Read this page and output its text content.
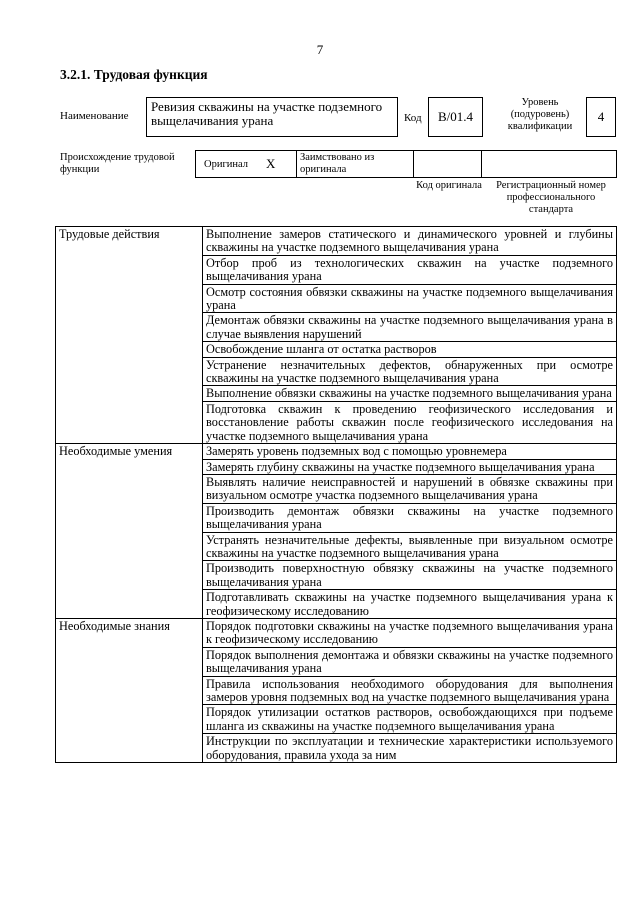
7
3.2.1. Трудовая функция
Наименование
Ревизия скважины на участке подземного выщелачивания урана	Код	B/01.4
Уровень (подуровень) квалификации
4
Происхождение трудовой функции	Оригинал X Заимствовано из оригинала
Код оригинала	Регистрационный номер профессионального стандарта
Трудовые действия	Выполнение замеров статического и динамического уровней и глубины скважины на участке подземного выщелачивания урана
	Отбор проб из технологических скважин на участке подземного выщелачивания урана
	Осмотр состояния обвязки скважины на участке подземного выщелачивания урана
	Демонтаж обвязки скважины на участке подземного выщелачивания урана в случае выявления нарушений
	Освобождение шланга от остатка растворов
	Устранение незначительных дефектов, обнаруженных при осмотре скважины на участке подземного выщелачивания урана
	Выполнение обвязки скважины на участке подземного выщелачивания урана
	Подготовка скважин к проведению геофизического исследования и восстановление работы скважин после геофизического исследования на участке подземного выщелачивания урана
Необходимые умения	Замерять уровень подземных вод с помощью уровнемера
	Замерять глубину скважины на участке подземного выщелачивания урана
	Выявлять наличие неисправностей и нарушений в обвязке скважины при визуальном осмотре участка подземного выщелачивания урана
	Производить демонтаж обвязки скважины на участке подземного выщелачивания урана
	Устранять незначительные дефекты, выявленные при визуальном осмотре скважины на участке подземного выщелачивания урана
	Производить поверхностную обвязку скважины на участке подземного выщелачивания урана
	Подготавливать скважины на участке подземного выщелачивания урана к геофизическому исследованию
Необходимые знания	Порядок подготовки скважины на участке подземного выщелачивания урана к геофизическому исследованию
	Порядок выполнения демонтажа и обвязки скважины на участке подземного выщелачивания урана
	Правила использования необходимого оборудования для выполнения замеров уровня подземных вод на участке подземного выщелачивания урана
	Порядок утилизации остатков растворов, освобождающихся при подъеме шланга из скважины на участке подземного выщелачивания урана
	Инструкции по эксплуатации и технические характеристики используемого оборудования, правила ухода за ним
